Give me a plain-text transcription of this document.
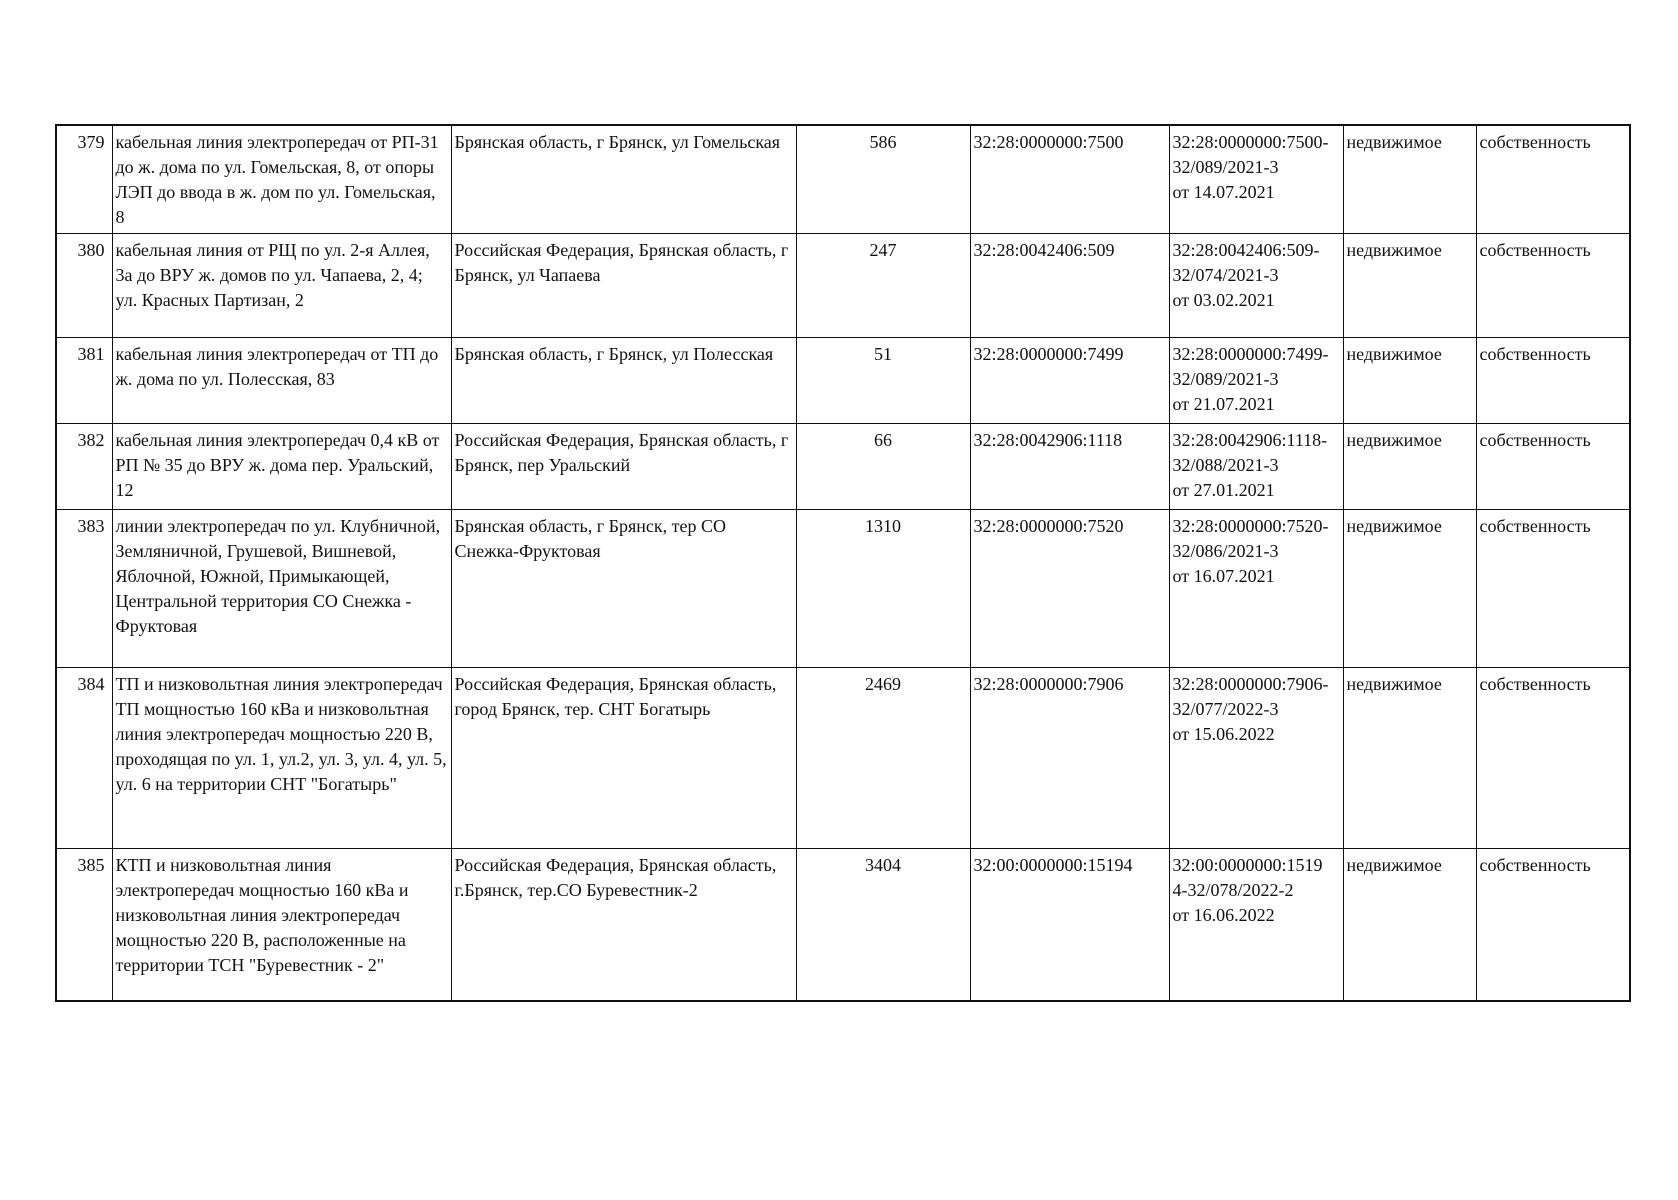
379	кабельная линия электропередач от РП-31 до ж. дома по ул. Гомельская, 8, от опоры ЛЭП до ввода в ж. дом по ул. Гомельская, 8	Брянская область, г Брянск, ул Гомельская	586	32:28:0000000:7500	32:28:0000000:7500-
32/089/2021-3
от 14.07.2021	недвижимое	собственность
380	кабельная линия от РЩ по ул. 2-я Аллея, 3а до ВРУ ж. домов по ул. Чапаева, 2, 4; ул. Красных Партизан, 2	Российская Федерация, Брянская область, г Брянск, ул Чапаева	247	32:28:0042406:509	32:28:0042406:509-
32/074/2021-3
от 03.02.2021	недвижимое	собственность
381	кабельная линия электропередач от ТП до ж. дома по ул. Полесская, 83	Брянская область, г Брянск, ул Полесская	51	32:28:0000000:7499	32:28:0000000:7499-
32/089/2021-3
от 21.07.2021	недвижимое	собственность
382	кабельная линия электропередач 0,4 кВ от РП № 35 до ВРУ ж. дома пер. Уральский, 12	Российская Федерация, Брянская область, г Брянск, пер Уральский	66	32:28:0042906:1118	32:28:0042906:1118-
32/088/2021-3
от 27.01.2021	недвижимое	собственность
383	линии электропередач по ул. Клубничной, Земляничной, Грушевой, Вишневой, Яблочной, Южной, Примыкающей, Центральной территория СО Снежка - Фруктовая	Брянская область, г Брянск, тер СО Снежка-Фруктовая	1310	32:28:0000000:7520	32:28:0000000:7520-
32/086/2021-3
от 16.07.2021	недвижимое	собственность
384	ТП и низковольтная линия электропередач ТП мощностью 160 кВа и низковольтная линия электропередач мощностью 220 В, проходящая по ул. 1, ул.2, ул. 3, ул. 4, ул. 5, ул. 6 на территории СНТ "Богатырь"	Российская Федерация, Брянская область, город Брянск, тер. СНТ Богатырь	2469	32:28:0000000:7906	32:28:0000000:7906-
32/077/2022-3
от 15.06.2022	недвижимое	собственность
385	КТП и низковольтная линия электропередач мощностью 160 кВа и низковольтная линия электропередач мощностью 220 В, расположенные на территории ТСН "Буревестник - 2"	Российская Федерация, Брянская область, г.Брянск, тер.СО Буревестник-2	3404	32:00:0000000:15194	32:00:0000000:1519
4-32/078/2022-2
от 16.06.2022	недвижимое	собственность
